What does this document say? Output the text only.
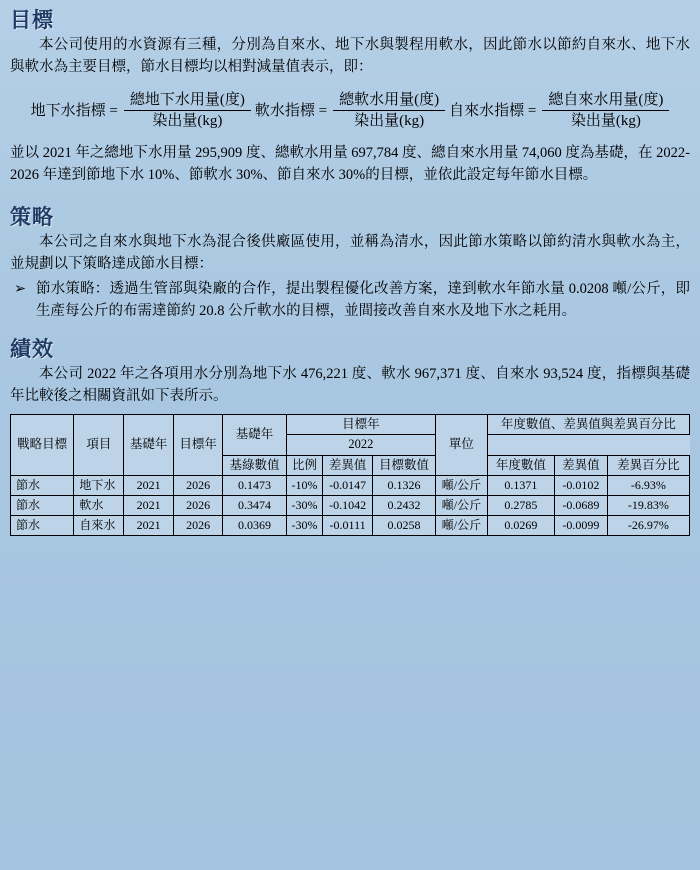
目標

本公司使用的水資源有三種，分別為自來水、地下水與製程用軟水，因此節水以節約自來水、地下水與軟水為主要目標，節水目標均以相對減量值表示，即：

地下水指標 = $\frac{\text{總地下水用量(度)}}{\text{染出量(kg)}}$
軟水指標 = $\frac{\text{總軟水用量(度)}}{\text{染出量(kg)}}$
自來水指標 = $\frac{\text{總自來水用量(度)}}{\text{染出量(kg)}}$

並以 2021 年之總地下水用量 295,909 度、總軟水用量 697,784 度、總自來水用量 74,060 度為基礎，在 2022-2026 年達到節地下水 10%、節軟水 30%、節自來水 30%的目標，並依此設定每年節水目標。

策略

本公司之自來水與地下水為混合後供廠區使用，並稱為清水，因此節水策略以節約清水與軟水為主，並規劃以下策略達成節水目標：

➢ 節水策略：透過生管部與染廠的合作，提出製程優化改善方案，達到軟水年節水量 0.0208 噸/公斤，即生產每公斤的布需達節約 20.8 公斤軟水的目標，並間接改善自來水及地下水之耗用。
績效

本公司 2022 年之各項用水分別為地下水 476,221 度、軟水 967,371 度、自來水 93,524 度，指標與基礎年比較後之相關資訊如下表所示。

戰略目標	項目	基礎年	目標年	基礎年	目標年			單位	年度數值、差異值與差異百分比		
					2022						
				基綠數值	比例	差異值	目標數值		年度數值	差異值	差異百分比
節水	地下水	2021	2026	0.1473	-10%	-0.0147	0.1326	噸/公斤	0.1371	-0.0102	-6.93%
節水	軟水	2021	2026	0.3474	-30%	-0.1042	0.2432	噸/公斤	0.2785	-0.0689	-19.83%
節水	自來水	2021	2026	0.0369	-30%	-0.0111	0.0258	噸/公斤	0.0269	-0.0099	-26.97%
